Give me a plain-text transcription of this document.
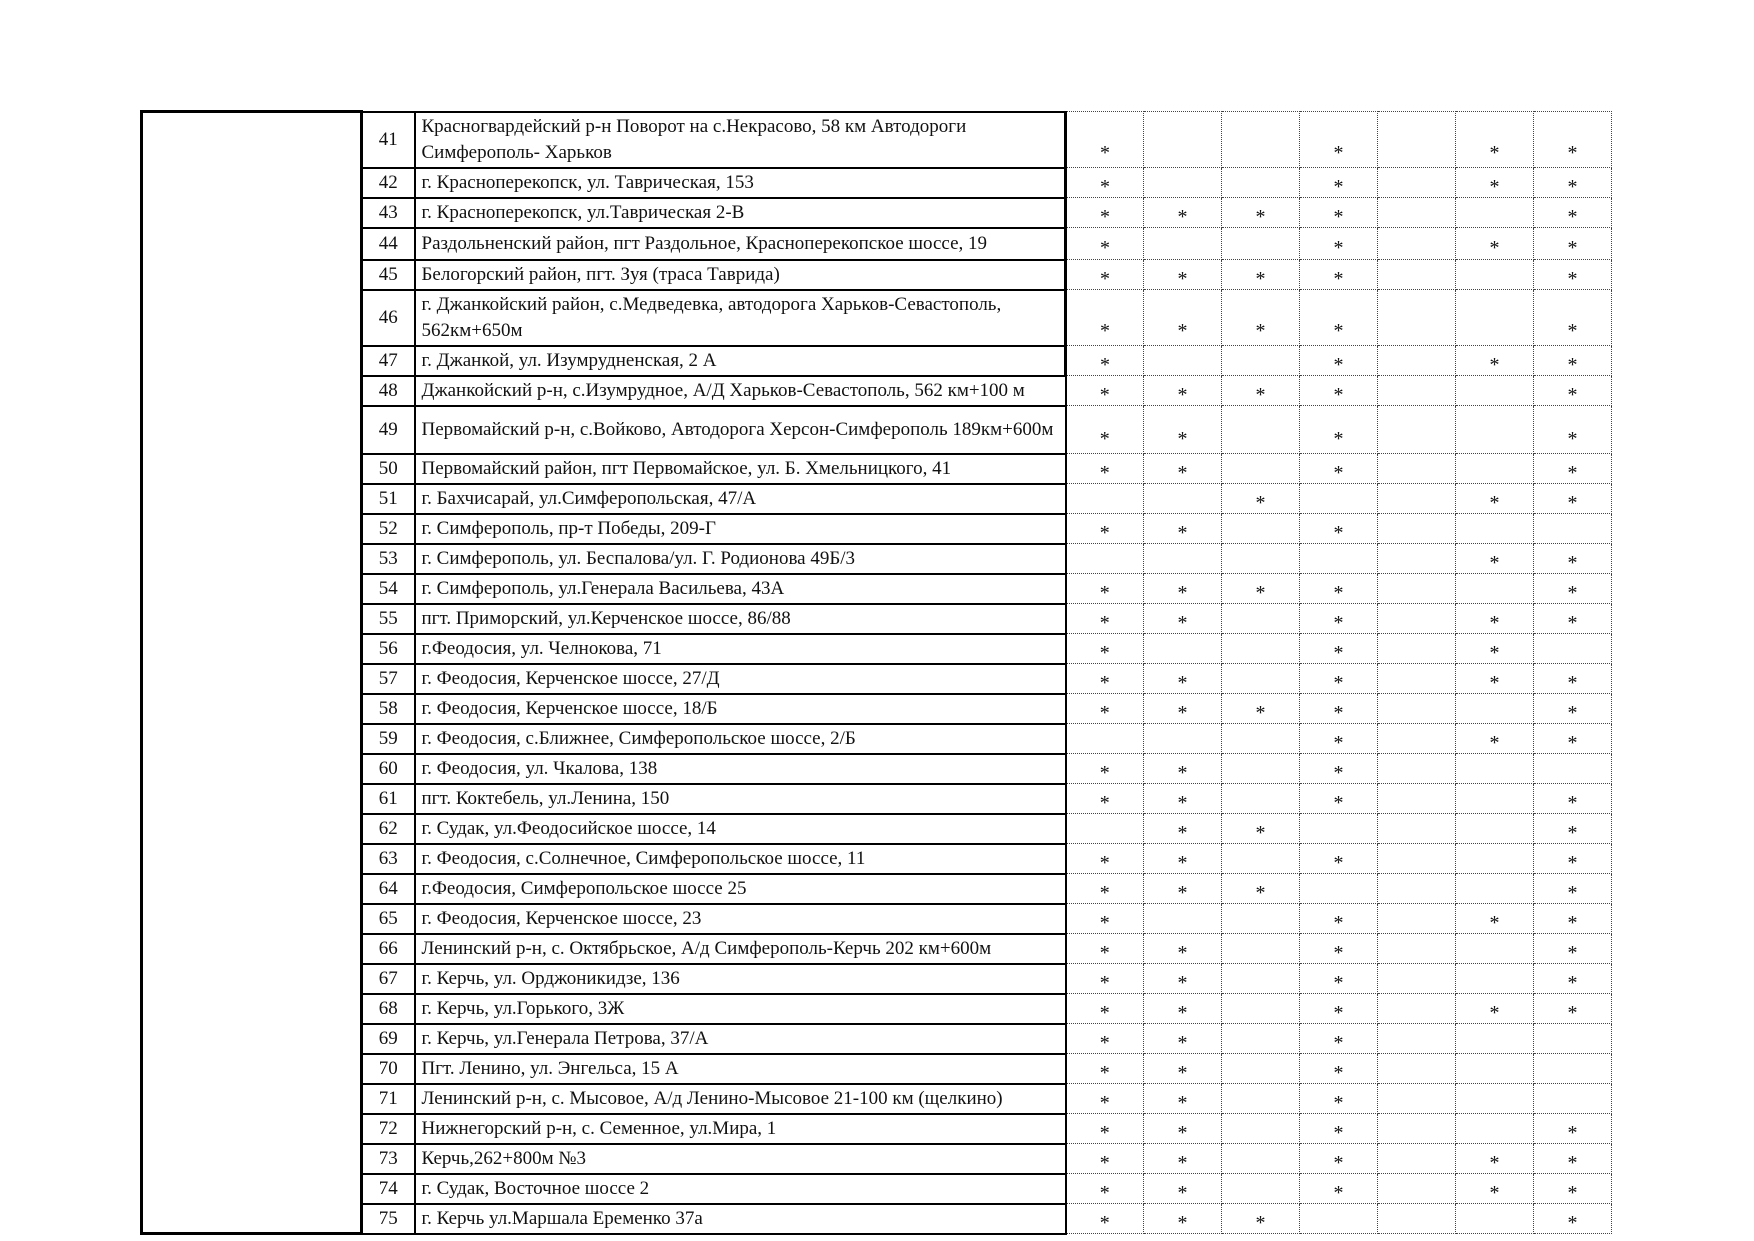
	41	Красногвардейский р-н Поворот на с.Некрасово, 58 км Автодороги Симферополь- Харьков	*			*		*	*
	42	г. Красноперекопск, ул. Таврическая, 153	*			*		*	*
	43	г. Красноперекопск, ул.Таврическая 2-В	*	*	*	*			*
	44	Раздольненский район, пгт Раздольное, Красноперекопское шоссе, 19	*			*		*	*
	45	Белогорский район, пгт. Зуя (траса Таврида)	*	*	*	*			*
	46	г. Джанкойский район, с.Медведевка, автодорога Харьков-Севастополь, 562км+650м	*	*	*	*			*
	47	г. Джанкой, ул. Изумрудненская, 2 А	*			*		*	*
	48	Джанкойский р-н, с.Изумрудное, А/Д Харьков-Севастополь, 562 км+100 м	*	*	*	*			*
	49	Первомайский р-н, с.Войково, Автодорога Херсон-Симферополь 189км+600м	*	*		*			*
	50	Первомайский район, пгт Первомайское, ул. Б. Хмельницкого, 41	*	*		*			*
	51	г. Бахчисарай, ул.Симферопольская, 47/А			*			*	*
	52	г. Симферополь, пр-т Победы, 209-Г	*	*		*			
	53	г. Симферополь, ул. Беспалова/ул. Г. Родионова 49Б/3						*	*
	54	г. Симферополь, ул.Генерала Васильева, 43А	*	*	*	*			*
	55	пгт. Приморский, ул.Керченское шоссе, 86/88	*	*		*		*	*
	56	г.Феодосия, ул. Челнокова, 71	*			*		*	
	57	г. Феодосия, Керченское шоссе, 27/Д	*	*		*		*	*
	58	г. Феодосия, Керченское шоссе, 18/Б	*	*	*	*			*
	59	г. Феодосия, с.Ближнее, Симферопольское шоссе, 2/Б				*		*	*
	60	г. Феодосия, ул. Чкалова, 138	*	*		*			
	61	пгт. Коктебель, ул.Ленина, 150	*	*		*			*
	62	г. Судак, ул.Феодосийское шоссе, 14		*	*				*
	63	г. Феодосия, с.Солнечное, Симферопольское шоссе, 11	*	*		*			*
	64	г.Феодосия, Симферопольское шоссе 25	*	*	*				*
	65	г. Феодосия, Керченское шоссе, 23	*			*		*	*
	66	Ленинский р-н, с. Октябрьское, А/д Симферополь-Керчь 202 км+600м	*	*		*			*
	67	г. Керчь, ул. Орджоникидзе, 136	*	*		*			*
	68	г. Керчь, ул.Горького, 3Ж	*	*		*		*	*
	69	г. Керчь, ул.Генерала Петрова, 37/А	*	*		*			
	70	Пгт. Ленино, ул. Энгельса, 15 А	*	*		*			
	71	Ленинский р-н, с. Мысовое, А/д Ленино-Мысовое 21-100 км (щелкино)	*	*		*			
	72	Нижнегорский р-н, с. Семенное, ул.Мира, 1	*	*		*			*
	73	Керчь,262+800м №3	*	*		*		*	*
	74	г. Судак, Восточное шоссе 2	*	*		*		*	*
	75	г. Керчь ул.Маршала Еременко 37а	*	*	*				*
